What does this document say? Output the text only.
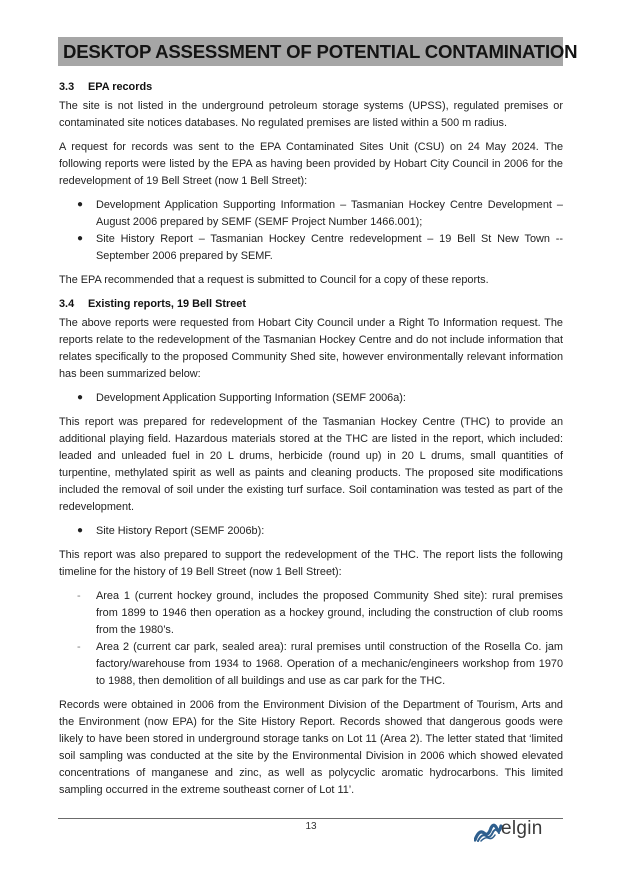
DESKTOP ASSESSMENT OF POTENTIAL CONTAMINATION
3.3 EPA records

The site is not listed in the underground petroleum storage systems (UPSS), regulated premises or contaminated site notices databases. No regulated premises are listed within a 500 m radius.

A request for records was sent to the EPA Contaminated Sites Unit (CSU) on 24 May 2024. The following reports were listed by the EPA as having been provided by Hobart City Council in 2006 for the redevelopment of 19 Bell Street (now 1 Bell Street):

● Development Application Supporting Information – Tasmanian Hockey Centre Development – August 2006 prepared by SEMF (SEMF Project Number 1466.001);
● Site History Report – Tasmanian Hockey Centre redevelopment – 19 Bell St New Town -- September 2006 prepared by SEMF.

The EPA recommended that a request is submitted to Council for a copy of these reports.

3.4 Existing reports, 19 Bell Street

The above reports were requested from Hobart City Council under a Right To Information request. The reports relate to the redevelopment of the Tasmanian Hockey Centre and do not include information that relates specifically to the proposed Community Shed site, however environmentally relevant information has been summarized below:

● Development Application Supporting Information (SEMF 2006a):

This report was prepared for redevelopment of the Tasmanian Hockey Centre (THC) to provide an additional playing field. Hazardous materials stored at the THC are listed in the report, which included: leaded and unleaded fuel in 20 L drums, herbicide (round up) in 20 L drums, small quantities of turpentine, methylated spirit as well as paints and cleaning products. The proposed site modifications included the removal of soil under the existing turf surface. Soil contamination was tested as part of the redevelopment.

● Site History Report (SEMF 2006b):

This report was also prepared to support the redevelopment of the THC. The report lists the following timeline for the history of 19 Bell Street (now 1 Bell Street):

- Area 1 (current hockey ground, includes the proposed Community Shed site): rural premises from 1899 to 1946 then operation as a hockey ground, including the construction of club rooms from the 1980’s.
- Area 2 (current car park, sealed area): rural premises until construction of the Rosella Co. jam factory/warehouse from 1934 to 1968. Operation of a mechanic/engineers workshop from 1970 to 1988, then demolition of all buildings and use as car park for the THC.

Records were obtained in 2006 from the Environment Division of the Department of Tourism, Arts and the Environment (now EPA) for the Site History Report. Records showed that dangerous goods were likely to have been stored in underground storage tanks on Lot 11 (Area 2). The letter stated that ‘limited soil sampling was conducted at the site by the Environmental Division in 2006 which showed elevated concentrations of manganese and zinc, as well as polycyclic aromatic hydrocarbons. This limited sampling occurred in the extreme southeast corner of Lot 11’.

13	elgin
